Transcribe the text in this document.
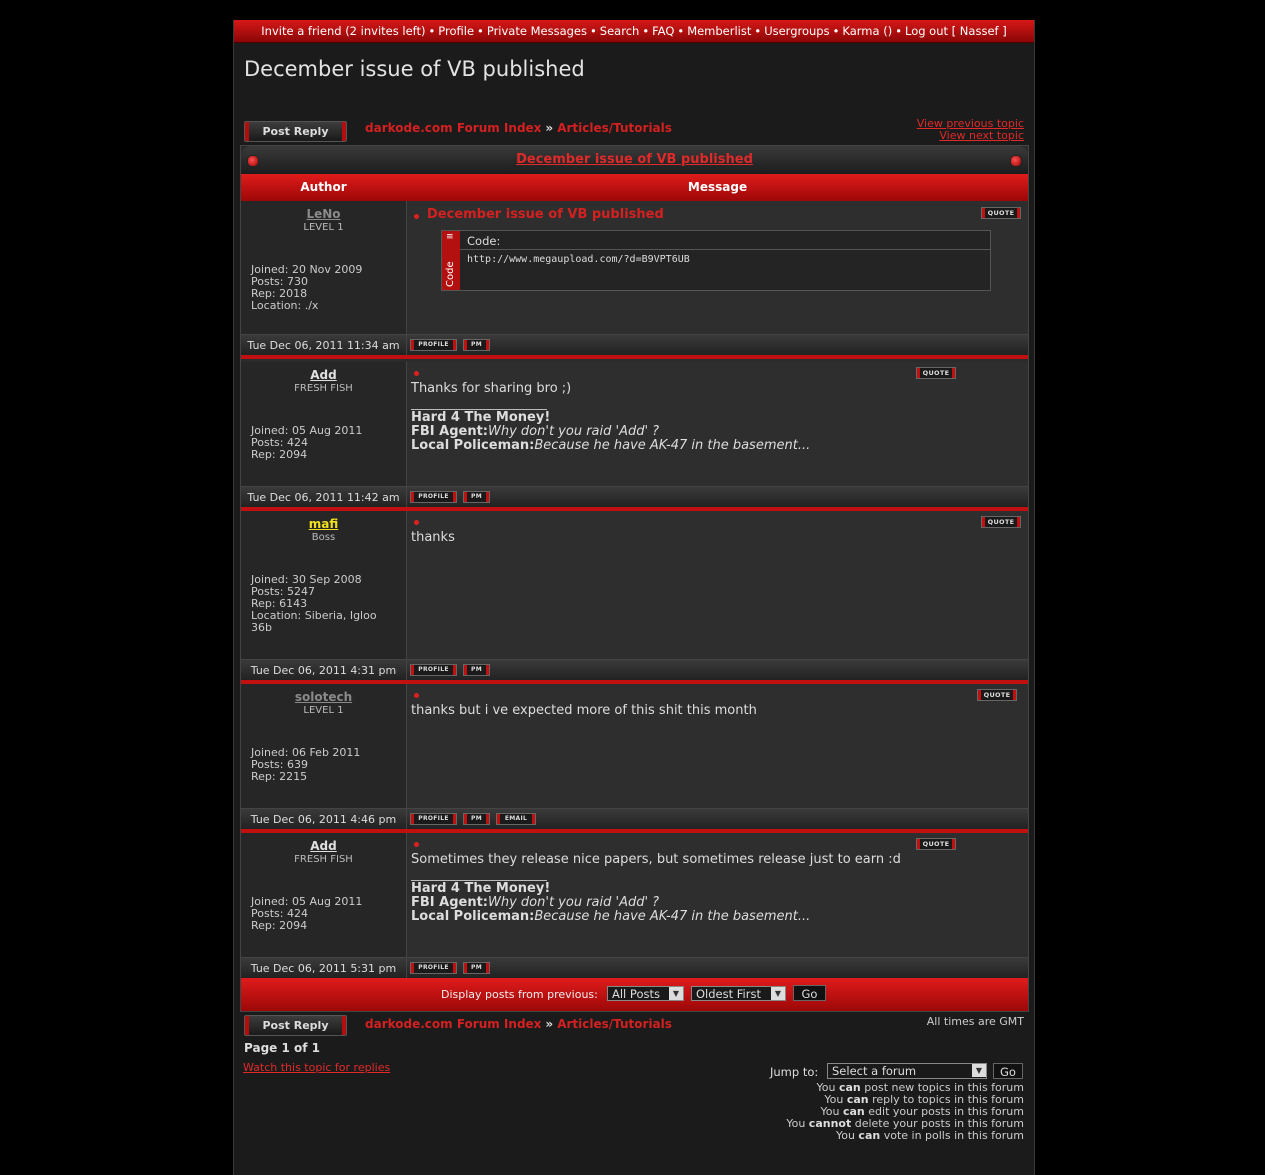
Invite a friend (2 invites left) • Profile • Private Messages • Search • FAQ • Memberlist • Usergroups • Karma () • Log out [ Nassef ]
December issue of VB published
Post Reply	darkode.com Forum Index » Articles/Tutorials	View previous topic
View next topic
December issue of VB published
Author	Message
LeNo
LEVEL 1
Joined: 20 Nov 2009
Posts: 730
Rep: 2018
Location: ./x
December issue of VB published	QUOTE
≡
Code
Code:
http://www.megaupload.com/?d=B9VPT6UB
Tue Dec 06, 2011 11:34 am	PROFILE	PM
Add
FRESH FISH
Joined: 05 Aug 2011
Posts: 424
Rep: 2094
QUOTE
Thanks for sharing bro ;)
Hard 4 The Money!
FBI Agent:Why don't you raid 'Add' ?
Local Policeman:Because he have AK-47 in the basement...
Tue Dec 06, 2011 11:42 am	PROFILE	PM
mafi
Boss
Joined: 30 Sep 2008
Posts: 5247
Rep: 6143
Location: Siberia, Igloo 36b
QUOTE
thanks
Tue Dec 06, 2011 4:31 pm	PROFILE	PM
solotech
LEVEL 1
Joined: 06 Feb 2011
Posts: 639
Rep: 2215
QUOTE
thanks but i ve expected more of this shit this month
Tue Dec 06, 2011 4:46 pm	PROFILE	PM	EMAIL
Add
FRESH FISH
Joined: 05 Aug 2011
Posts: 424
Rep: 2094
QUOTE
Sometimes they release nice papers, but sometimes release just to earn :d
Hard 4 The Money!
FBI Agent:Why don't you raid 'Add' ?
Local Policeman:Because he have AK-47 in the basement...
Tue Dec 06, 2011 5:31 pm	PROFILE	PM
Display posts from previous:	All Posts	▼	Oldest First	▼	Go
Post Reply	darkode.com Forum Index » Articles/Tutorials	All times are GMT
Page 1 of 1
Watch this topic for replies	Jump to:	Select a forum	▼	Go
You can post new topics in this forum
You can reply to topics in this forum
You can edit your posts in this forum
You cannot delete your posts in this forum
You can vote in polls in this forum
